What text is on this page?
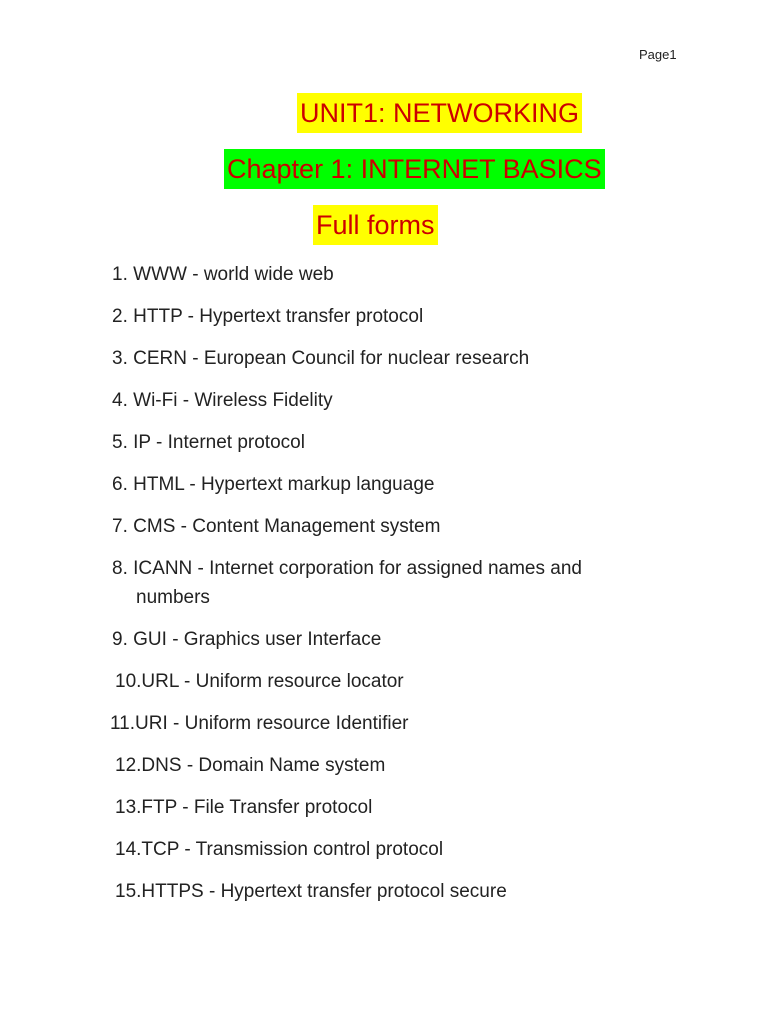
Page1
UNIT1: NETWORKING
Chapter 1: INTERNET BASICS
Full forms
1. WWW - world wide web
2. HTTP - Hypertext transfer protocol
3. CERN - European Council for nuclear research
4. Wi-Fi - Wireless Fidelity
5. IP - Internet protocol
6. HTML - Hypertext markup language
7. CMS - Content Management system
8. ICANN - Internet corporation for assigned names and
numbers
9. GUI - Graphics user Interface
10.URL - Uniform resource locator
11.URI - Uniform resource Identifier
12.DNS - Domain Name system
13.FTP - File Transfer protocol
14.TCP - Transmission control protocol
15.HTTPS - Hypertext transfer protocol secure
